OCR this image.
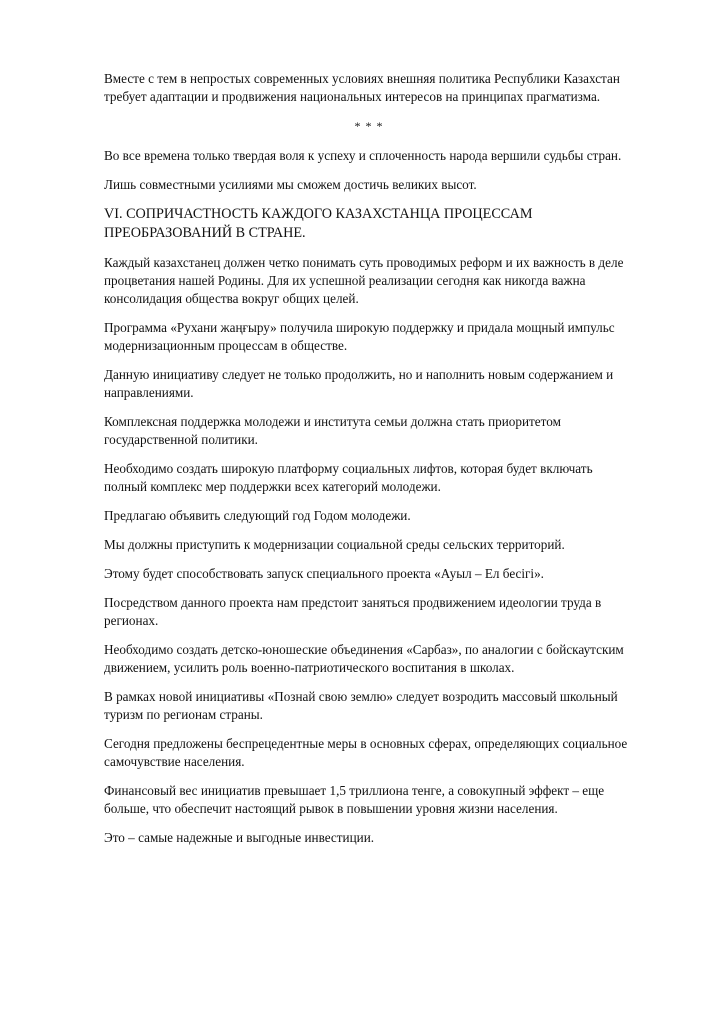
Вместе с тем в непростых современных условиях внешняя политика Республики Казахстан требует адаптации и продвижения национальных интересов на принципах прагматизма.

* * *

Во все времена только твердая воля к успеху и сплоченность народа вершили судьбы стран.

Лишь совместными усилиями мы сможем достичь великих высот.

VI. СОПРИЧАСТНОСТЬ КАЖДОГО КАЗАХСТАНЦА ПРОЦЕССАМ ПРЕОБРАЗОВАНИЙ В СТРАНЕ.

Каждый казахстанец должен четко понимать суть проводимых реформ и их важность в деле процветания нашей Родины. Для их успешной реализации сегодня как никогда важна консолидация общества вокруг общих целей.

Программа «Рухани жаңғыру» получила широкую поддержку и придала мощный импульс модернизационным процессам в обществе.

Данную инициативу следует не только продолжить, но и наполнить новым содержанием и направлениями.

Комплексная поддержка молодежи и института семьи должна стать приоритетом государственной политики.

Необходимо создать широкую платформу социальных лифтов, которая будет включать полный комплекс мер поддержки всех категорий молодежи.

Предлагаю объявить следующий год Годом молодежи.

Мы должны приступить к модернизации социальной среды сельских территорий.

Этому будет способствовать запуск специального проекта «Ауыл – Ел бесігі».

Посредством данного проекта нам предстоит заняться продвижением идеологии труда в регионах.

Необходимо создать детско-юношеские объединения «Сарбаз», по аналогии с бойскаутским движением, усилить роль военно-патриотического воспитания в школах.

В рамках новой инициативы «Познай свою землю» следует возродить массовый школьный туризм по регионам страны.

Сегодня предложены беспрецедентные меры в основных сферах, определяющих социальное самочувствие населения.

Финансовый вес инициатив превышает 1,5 триллиона тенге, а совокупный эффект – еще больше, что обеспечит настоящий рывок в повышении уровня жизни населения.

Это – самые надежные и выгодные инвестиции.
